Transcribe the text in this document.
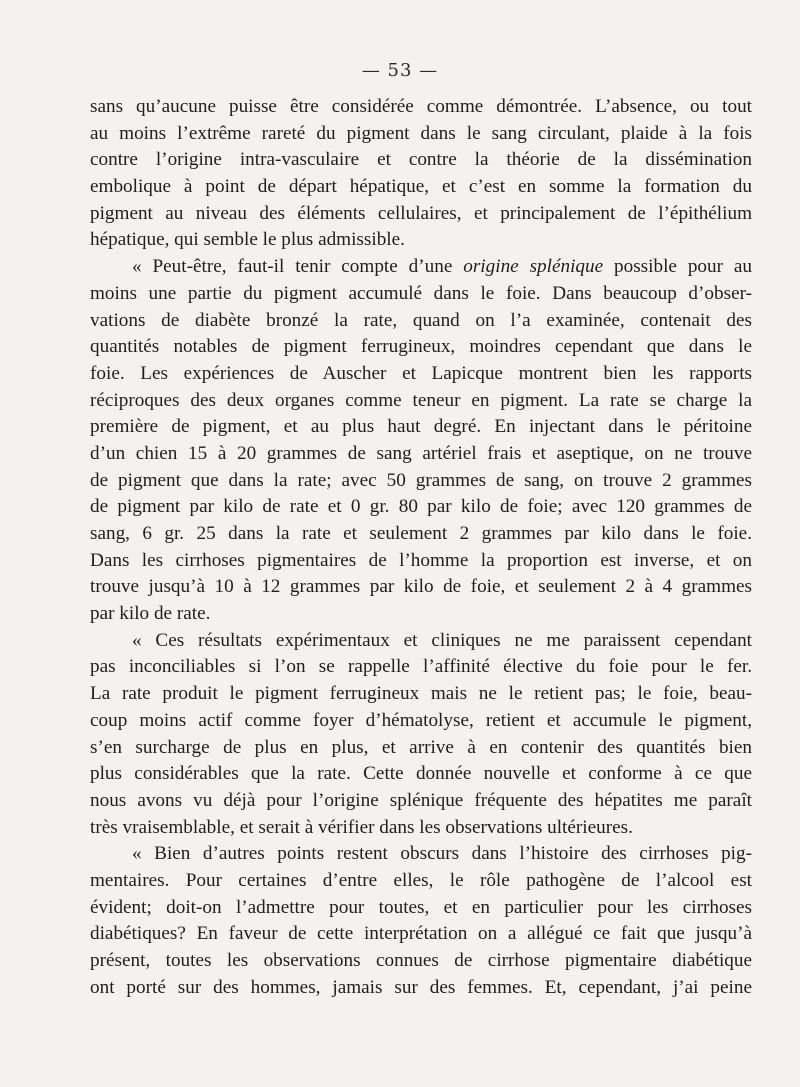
— 53 —
sans qu’aucune puisse être considérée comme démontrée. L’absence, ou tout
au moins l’extrême rareté du pigment dans le sang circulant, plaide à la fois
contre l’origine intra-vasculaire et contre la théorie de la dissémination
embolique à point de départ hépatique, et c’est en somme la formation du
pigment au niveau des éléments cellulaires, et principalement de l’épithélium
hépatique, qui semble le plus admissible.
« Peut-être, faut-il tenir compte d’une origine splénique possible pour au
moins une partie du pigment accumulé dans le foie. Dans beaucoup d’obser-
vations de diabète bronzé la rate, quand on l’a examinée, contenait des
quantités notables de pigment ferrugineux, moindres cependant que dans le
foie. Les expériences de Auscher et Lapicque montrent bien les rapports
réciproques des deux organes comme teneur en pigment. La rate se charge la
première de pigment, et au plus haut degré. En injectant dans le péritoine
d’un chien 15 à 20 grammes de sang artériel frais et aseptique, on ne trouve
de pigment que dans la rate; avec 50 grammes de sang, on trouve 2 grammes
de pigment par kilo de rate et 0 gr. 80 par kilo de foie; avec 120 grammes de
sang, 6 gr. 25 dans la rate et seulement 2 grammes par kilo dans le foie.
Dans les cirrhoses pigmentaires de l’homme la proportion est inverse, et on
trouve jusqu’à 10 à 12 grammes par kilo de foie, et seulement 2 à 4 grammes
par kilo de rate.
« Ces résultats expérimentaux et cliniques ne me paraissent cependant
pas inconciliables si l’on se rappelle l’affinité élective du foie pour le fer.
La rate produit le pigment ferrugineux mais ne le retient pas; le foie, beau-
coup moins actif comme foyer d’hématolyse, retient et accumule le pigment,
s’en surcharge de plus en plus, et arrive à en contenir des quantités bien
plus considérables que la rate. Cette donnée nouvelle et conforme à ce que
nous avons vu déjà pour l’origine splénique fréquente des hépatites me paraît
très vraisemblable, et serait à vérifier dans les observations ultérieures.
« Bien d’autres points restent obscurs dans l’histoire des cirrhoses pig-
mentaires. Pour certaines d’entre elles, le rôle pathogène de l’alcool est
évident; doit-on l’admettre pour toutes, et en particulier pour les cirrhoses
diabétiques? En faveur de cette interprétation on a allégué ce fait que jusqu’à
présent, toutes les observations connues de cirrhose pigmentaire diabétique
ont porté sur des hommes, jamais sur des femmes. Et, cependant, j’ai peine
